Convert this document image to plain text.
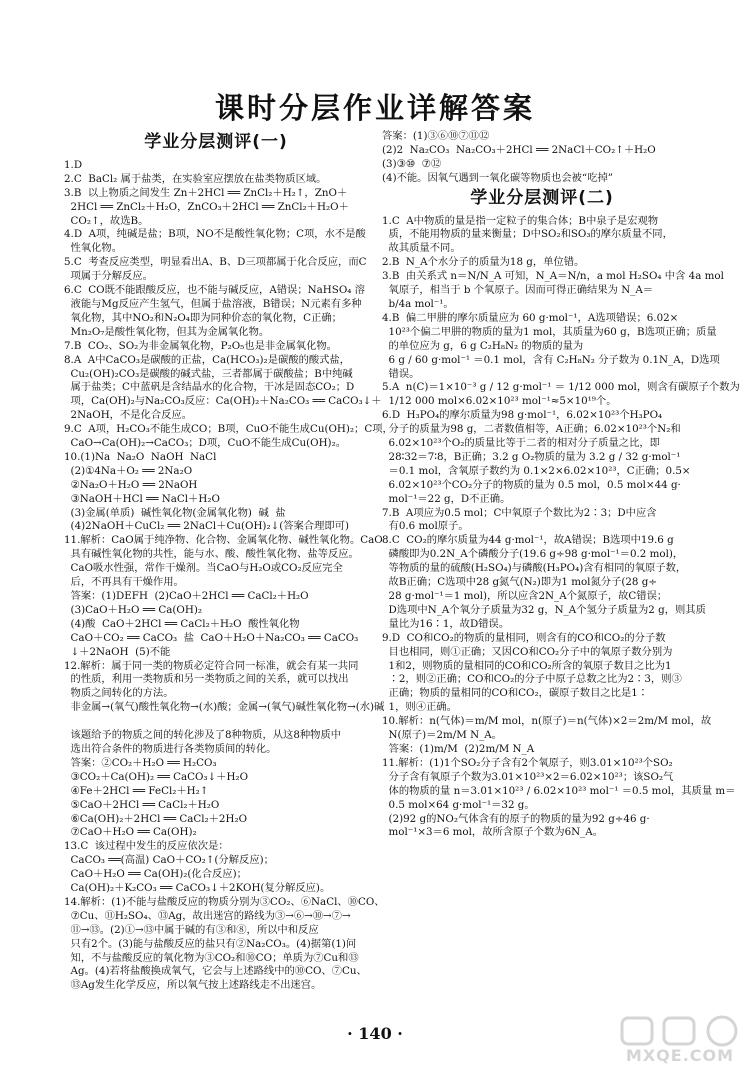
课时分层作业详解答案
学业分层测评(一)
1.D
2.C  BaCl₂ 属于盐类，在实验室应摆放在盐类物质区域。
3.B  以上物质之间发生 Zn＋2HCl ══ ZnCl₂＋H₂↑，ZnO＋
2HCl ══ ZnCl₂＋H₂O，ZnCO₃＋2HCl ══ ZnCl₂＋H₂O＋
CO₂↑，故选B。
4.D  A项，纯碱是盐；B项，NO不是酸性氧化物；C项，水不是酸
性氧化物。
5.C  考查反应类型，明显看出A、B、D三项都属于化合反应，而C
项属于分解反应。
6.C  CO既不能跟酸反应，也不能与碱反应，A错误；NaHSO₄ 溶
液能与Mg反应产生氢气，但属于盐溶液，B错误；N元素有多种
氧化物，其中NO₂和N₂O₄即为同种价态的氧化物，C正确；
Mn₂O₇是酸性氧化物，但其为金属氧化物。
7.B  CO₂、SO₂为非金属氧化物，P₂O₅也是非金属氧化物。
8.A  A中CaCO₃是碳酸的正盐，Ca(HCO₃)₂是碳酸的酸式盐，
Cu₂(OH)₂CO₃是碳酸的碱式盐，三者都属于碳酸盐；B中纯碱
属于盐类；C中蓝矾是含结晶水的化合物，干冰是固态CO₂；D
项，Ca(OH)₂与Na₂CO₃反应：Ca(OH)₂＋Na₂CO₃ ══ CaCO₃↓＋
2NaOH，不是化合反应。
9.C  A项，H₂CO₃不能生成CO；B项，CuO不能生成Cu(OH)₂；C项，
CaO→Ca(OH)₂→CaCO₃；D项，CuO不能生成Cu(OH)₂。
10.(1)Na  Na₂O  NaOH  NaCl
(2)①4Na＋O₂ ══ 2Na₂O
②Na₂O＋H₂O ══ 2NaOH
③NaOH＋HCl ══ NaCl＋H₂O
(3)金属(单质)  碱性氧化物(金属氧化物)  碱  盐
(4)2NaOH＋CuCl₂ ══ 2NaCl＋Cu(OH)₂↓(答案合理即可)
11.解析：CaO属于纯净物、化合物、金属氧化物、碱性氧化物。CaO
具有碱性氧化物的共性，能与水、酸、酸性氧化物、盐等反应。
CaO吸水性强，常作干燥剂。当CaO与H₂O或CO₂反应完全
后，不再具有干燥作用。
答案：(1)DEFH  (2)CaO＋2HCl ══ CaCl₂＋H₂O
(3)CaO＋H₂O ══ Ca(OH)₂
(4)酸  CaO＋2HCl ══ CaCl₂＋H₂O  酸性氧化物
CaO＋CO₂ ══ CaCO₃  盐  CaO＋H₂O＋Na₂CO₃ ══ CaCO₃
↓＋2NaOH  (5)不能
12.解析：属于同一类的物质必定符合同一标准，就会有某一共同
的性质，利用一类物质和另一类物质之间的关系，就可以找出
物质之间转化的方法。
非金属→(氧气)酸性氧化物→(水)酸；金属→(氧气)碱性氧化物→(水)碱

该题给予的物质之间的转化涉及了8种物质，从这8种物质中
选出符合条件的物质进行各类物质间的转化。
答案：②CO₂＋H₂O ══ H₂CO₃
③CO₂＋Ca(OH)₂ ══ CaCO₃↓＋H₂O
④Fe＋2HCl ══ FeCl₂＋H₂↑
⑤CaO＋2HCl ══ CaCl₂＋H₂O
⑥Ca(OH)₂＋2HCl ══ CaCl₂＋2H₂O
⑦CaO＋H₂O ══ Ca(OH)₂
13.C  该过程中发生的反应依次是：
CaCO₃ ══(高温) CaO＋CO₂↑(分解反应)；
CaO＋H₂O ══ Ca(OH)₂(化合反应)；
Ca(OH)₂＋K₂CO₃ ══ CaCO₃↓＋2KOH(复分解反应)。
14.解析：(1)不能与盐酸反应的物质分别为③CO₂、⑥NaCl、⑩CO、
⑦Cu、⑪H₂SO₄、⑬Ag，故出迷宫的路线为③→⑥→⑩→⑦→
⑪→⑬。(2)①→⑬中属于碱的有③和⑧，所以中和反应
只有2个。(3)能与盐酸反应的盐只有②Na₂CO₃。(4)据第(1)问
知，不与盐酸反应的氧化物为③CO₂和⑩CO；单质为⑦Cu和⑬
Ag。(4)若将盐酸换成氧气，它会与上述路线中的⑩CO、⑦Cu、
⑬Ag发生化学反应，所以氧气按上述路线走不出迷宫。
答案：(1)③⑥⑩⑦⑪⑫
(2)2  Na₂CO₃  Na₂CO₃＋2HCl ══ 2NaCl＋CO₂↑＋H₂O
(3)③⑩  ⑦⑫
(4)不能。因氧气遇到一氧化碳等物质也会被“吃掉”
学业分层测评(二)
1.C  A中物质的量是指一定粒子的集合体；B中泉子是宏观物
质，不能用物质的量来衡量；D中SO₂和SO₃的摩尔质量不同，
故其质量不同。
2.B  N_A个水分子的质量为18 g，单位错。
3.B  由关系式 n＝N/N_A 可知，N_A＝N/n，a mol H₂SO₄ 中含 4a mol
氧原子，相当于 b 个氧原子。因而可得正确结果为 N_A＝
b/4a mol⁻¹。
4.B  偏二甲肼的摩尔质量应为 60 g·mol⁻¹，A选项错误；6.02×
10²³个偏二甲肼的物质的量为1 mol，其质量为60 g，B选项正确；质量
的单位应为 g，6 g C₂H₈N₂ 的物质的量为
6 g / 60 g·mol⁻¹ ＝0.1 mol，含有 C₂H₈N₂ 分子数为 0.1N_A，D选项
错误。
5.A  n(C)＝1×10⁻³ g / 12 g·mol⁻¹ ＝ 1/12 000 mol，则含有碳原子个数为
1/12 000 mol×6.02×10²³ mol⁻¹≈5×10¹⁹个。
6.D  H₃PO₄的摩尔质量为98 g·mol⁻¹，6.02×10²³个H₃PO₄
分子的质量为98 g，二者数值相等，A正确；6.02×10²³个N₂和
6.02×10²³个O₂的质量比等于二者的相对分子质量之比，即
28∶32＝7∶8，B正确；3.2 g O₂物质的量为 3.2 g / 32 g·mol⁻¹
＝0.1 mol，含氧原子数约为 0.1×2×6.02×10²³，C正确；0.5×
6.02×10²³个CO₂分子的物质的量为 0.5 mol，0.5 mol×44 g·
mol⁻¹＝22 g，D不正确。
7.B  A项应为0.5 mol；C中氧原子个数比为2∶3；D中应含
有0.6 mol原子。
8.C  CO₂的摩尔质量为44 g·mol⁻¹，故A错误；B选项中19.6 g
磷酸即为0.2N_A个磷酸分子(19.6 g÷98 g·mol⁻¹＝0.2 mol)，
等物质的量的硫酸(H₂SO₄)与磷酸(H₃PO₄)含有相同的氧原子数，
故B正确；C选项中28 g氮气(N₂)即为1 mol氮分子(28 g÷
28 g·mol⁻¹＝1 mol)，所以应含2N_A个氮原子，故C错误；
D选项中N_A个氧分子质量为32 g，N_A个氢分子质量为2 g，则其质
量比为16∶1，故D错误。
9.D  CO和CO₂的物质的量相同，则含有的CO和CO₂的分子数
目也相同，则①正确；又因CO和CO₂分子中的氧原子数分别为
1和2，则物质的量相同的CO和CO₂所含的氧原子数目之比为1
∶2，则②正确；CO和CO₂的分子中原子总数之比为2∶3，则③
正确；物质的量相同的CO和CO₂，碳原子数目之比是1∶
1，则④正确。
10.解析：n(气体)＝m/M mol，n(原子)＝n(气体)×2＝2m/M mol，故
N(原子)＝2m/M N_A。
答案：(1)m/M  (2)2m/M N_A
11.解析：(1)1个SO₂分子含有2个氧原子，则3.01×10²³个SO₂
分子含有氧原子个数为3.01×10²³×2＝6.02×10²³；该SO₂气
体的物质的量 n＝3.01×10²³ / 6.02×10²³ mol⁻¹ ＝0.5 mol，其质量 m＝
0.5 mol×64 g·mol⁻¹＝32 g。
(2)92 g的NO₂气体含有的原子的物质的量为92 g÷46 g·
mol⁻¹×3＝6 mol，故所含原子个数为6N_A。
· 140 ·
MXQE.COM
